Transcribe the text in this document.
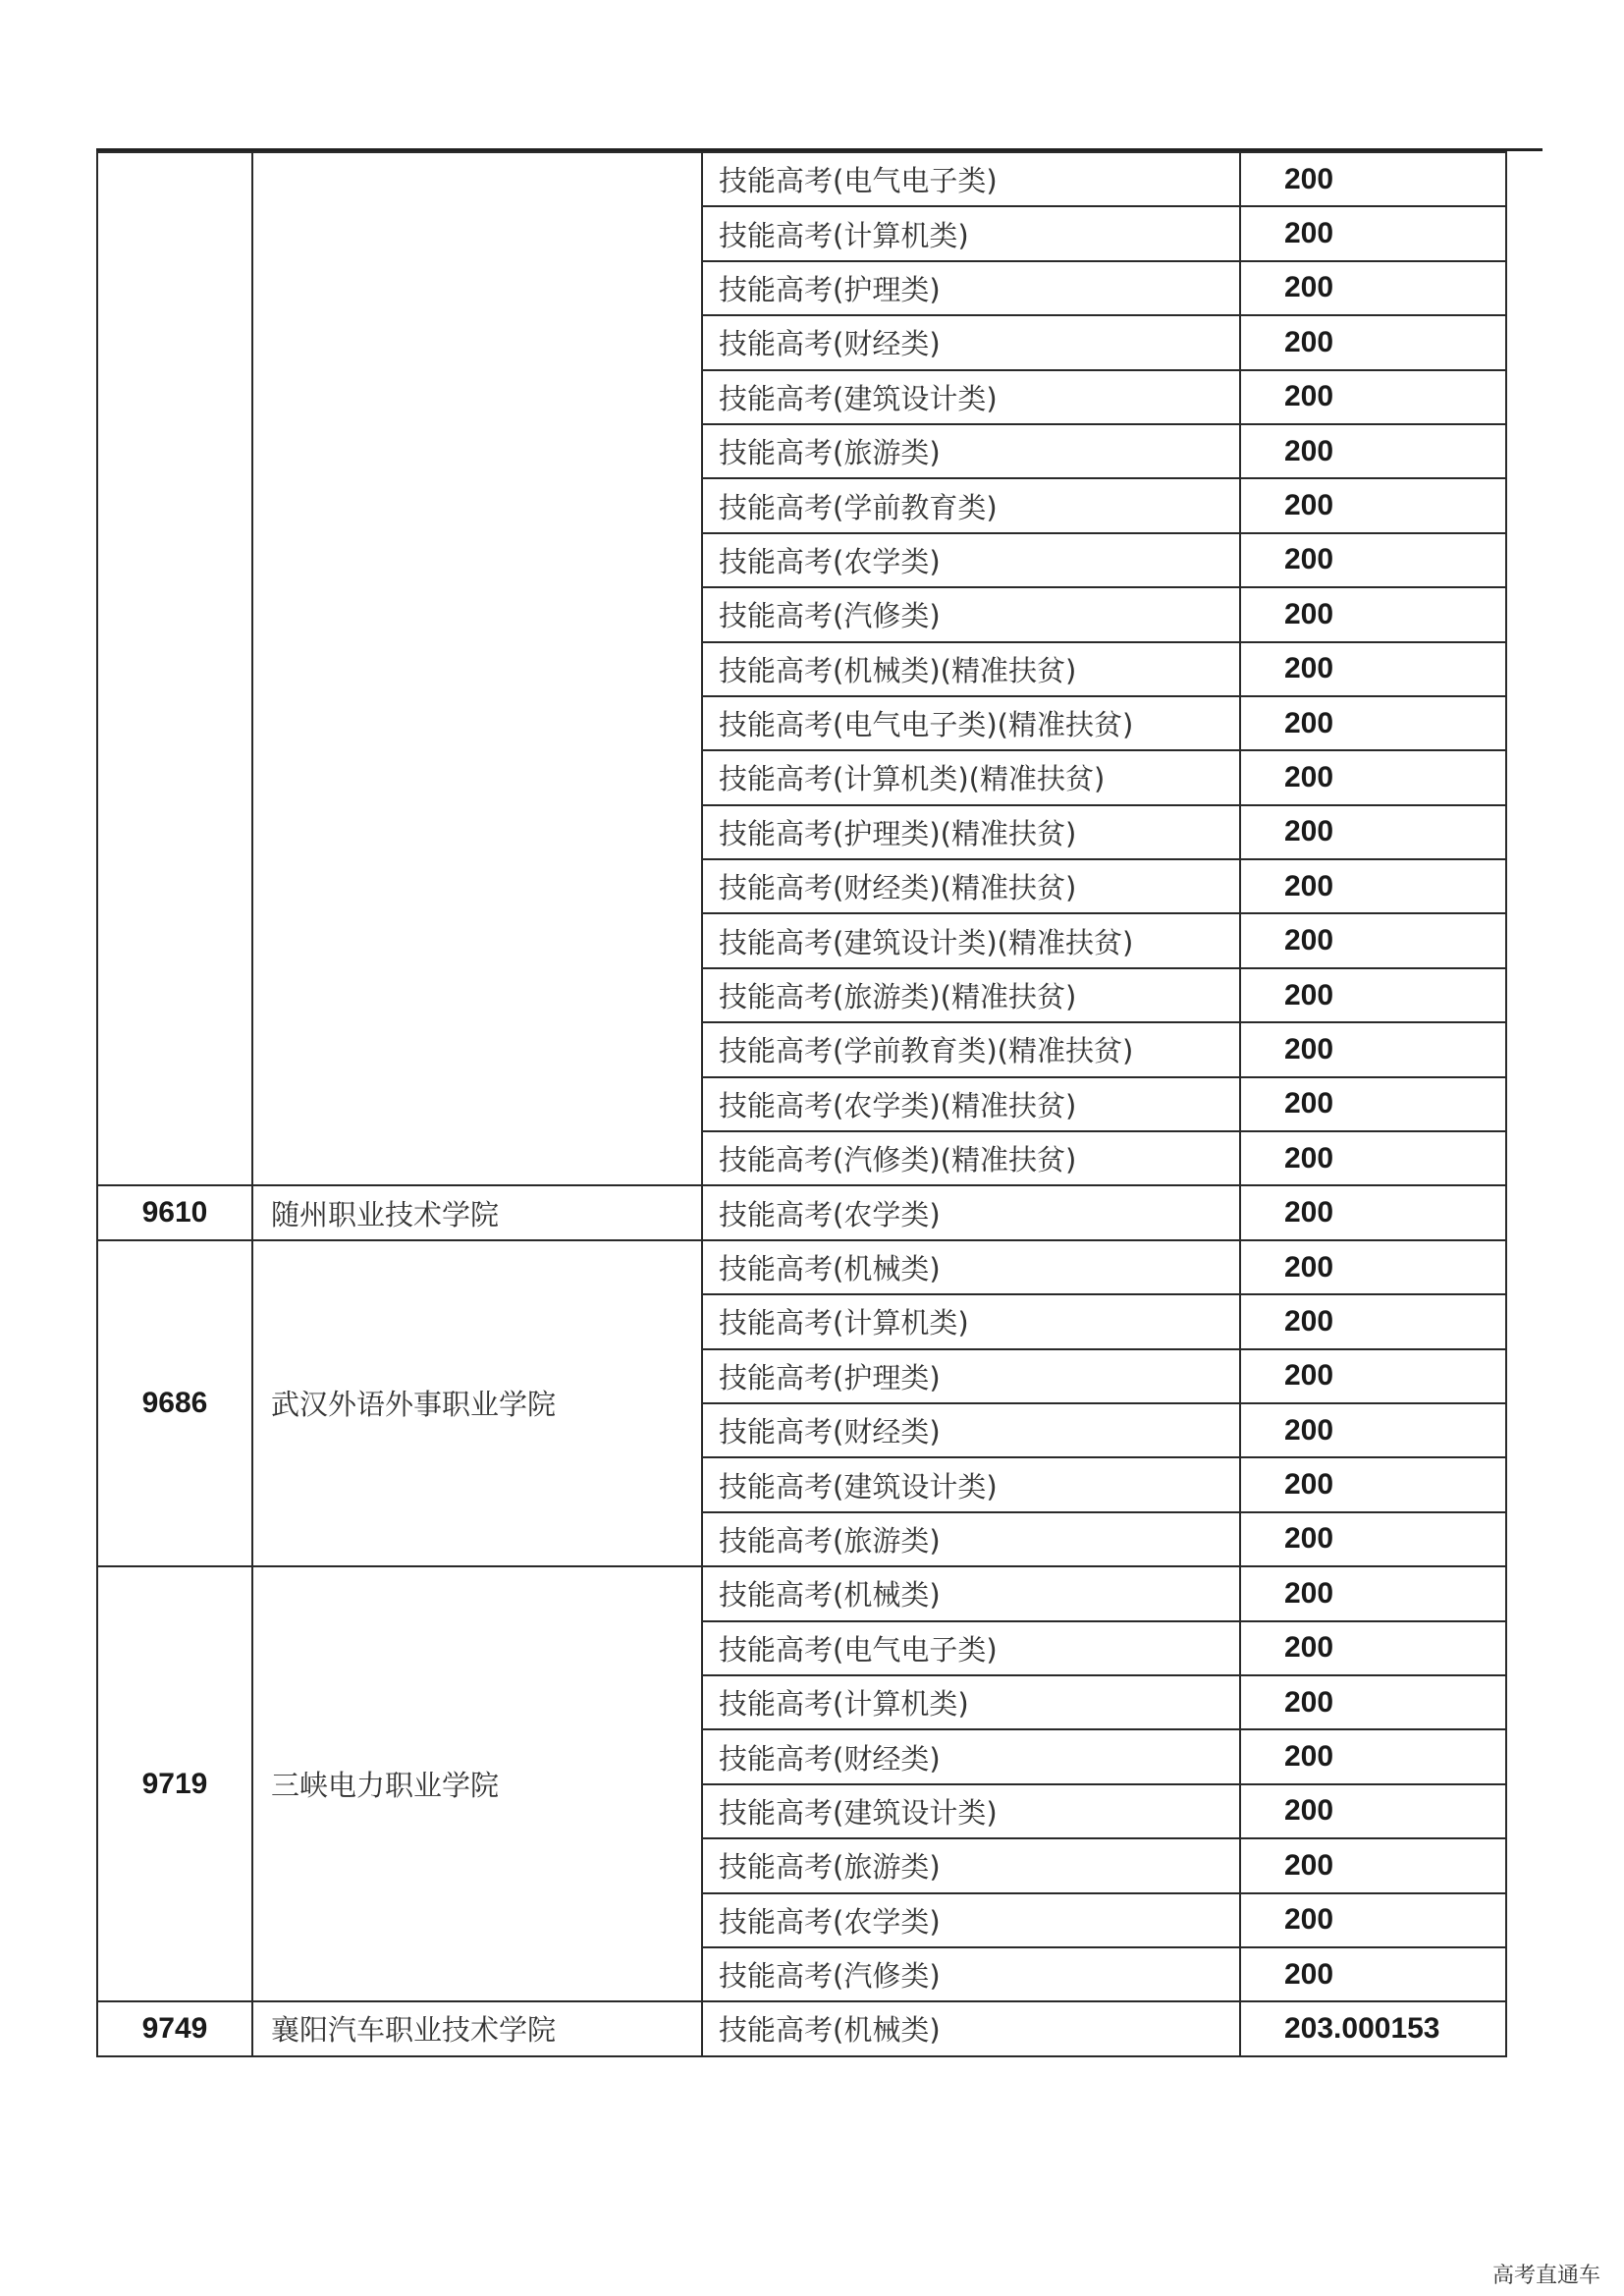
		技能高考(电气电子类)	200
		技能高考(计算机类)	200
		技能高考(护理类)	200
		技能高考(财经类)	200
		技能高考(建筑设计类)	200
		技能高考(旅游类)	200
		技能高考(学前教育类)	200
		技能高考(农学类)	200
		技能高考(汽修类)	200
		技能高考(机械类)(精准扶贫)	200
		技能高考(电气电子类)(精准扶贫)	200
		技能高考(计算机类)(精准扶贫)	200
		技能高考(护理类)(精准扶贫)	200
		技能高考(财经类)(精准扶贫)	200
		技能高考(建筑设计类)(精准扶贫)	200
		技能高考(旅游类)(精准扶贫)	200
		技能高考(学前教育类)(精准扶贫)	200
		技能高考(农学类)(精准扶贫)	200
		技能高考(汽修类)(精准扶贫)	200
9610	随州职业技术学院	技能高考(农学类)	200
9686	武汉外语外事职业学院	技能高考(机械类)	200
		技能高考(计算机类)	200
		技能高考(护理类)	200
		技能高考(财经类)	200
		技能高考(建筑设计类)	200
		技能高考(旅游类)	200
9719	三峡电力职业学院	技能高考(机械类)	200
		技能高考(电气电子类)	200
		技能高考(计算机类)	200
		技能高考(财经类)	200
		技能高考(建筑设计类)	200
		技能高考(旅游类)	200
		技能高考(农学类)	200
		技能高考(汽修类)	200
9749	襄阳汽车职业技术学院	技能高考(机械类)	203.000153
高考直通车
